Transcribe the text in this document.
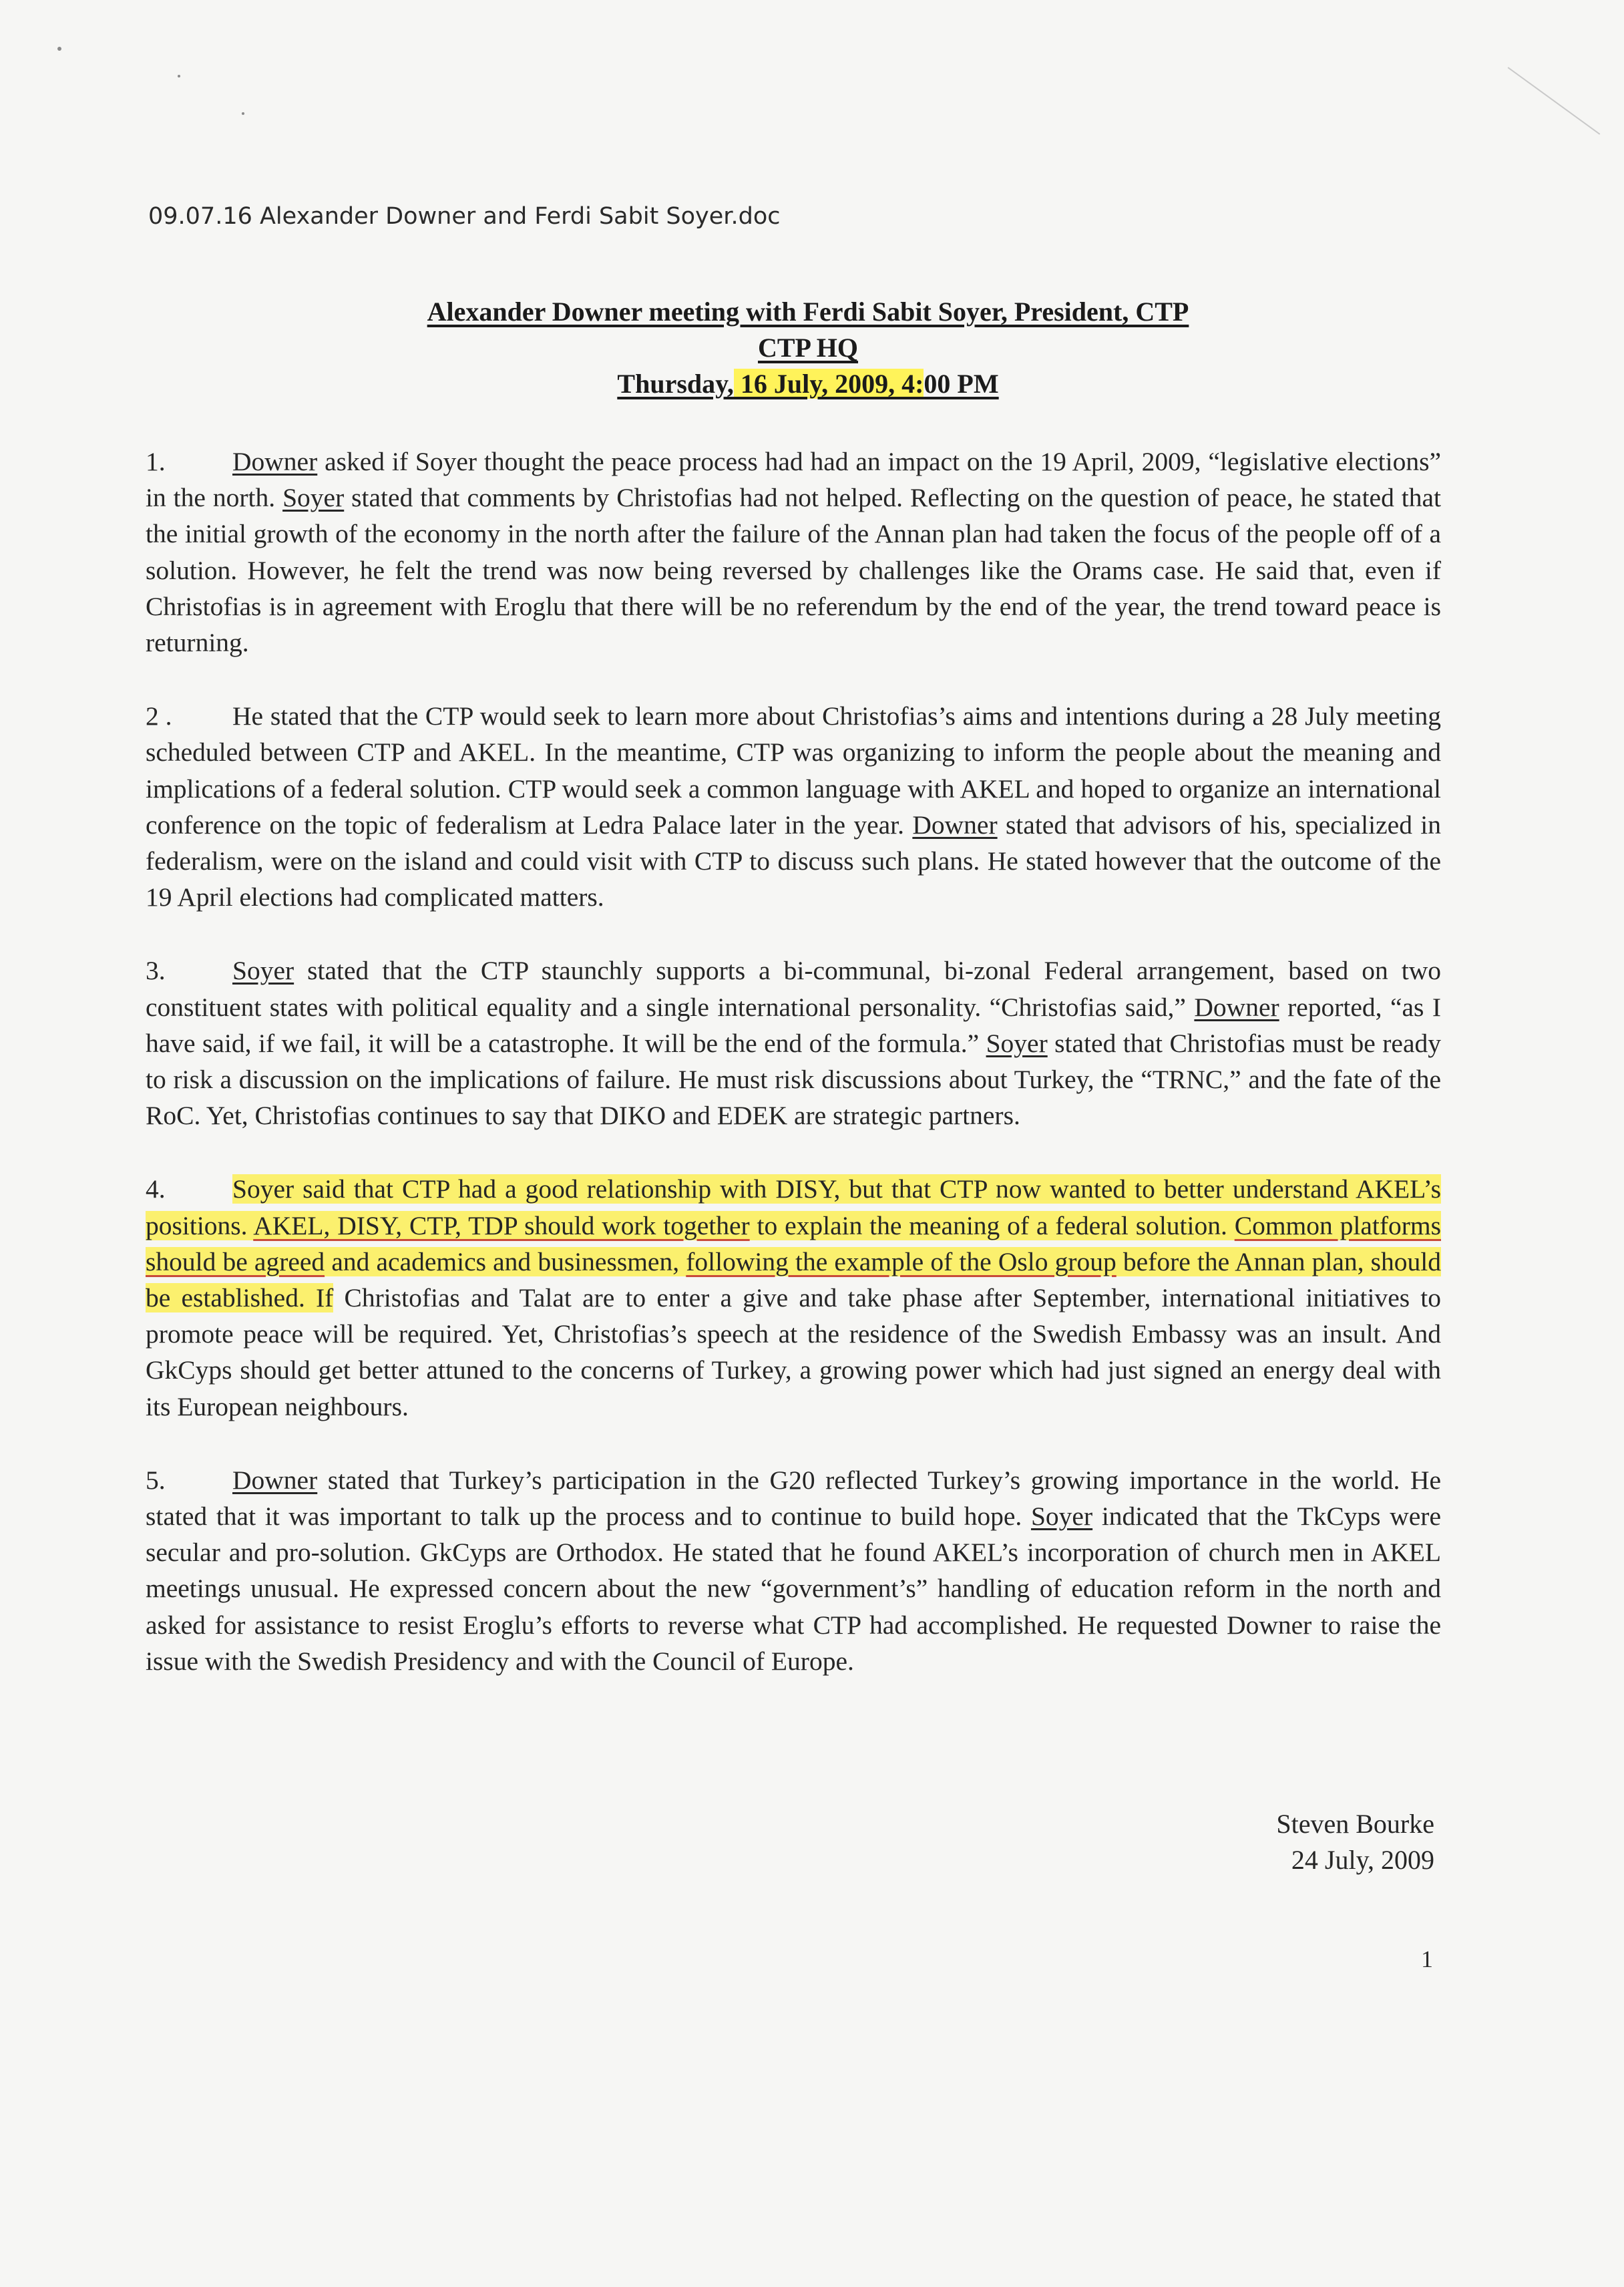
09.07.16 Alexander Downer and Ferdi Sabit Soyer.doc
Alexander Downer meeting with Ferdi Sabit Soyer, President, CTP
CTP HQ
Thursday, 16 July, 2009, 4:00 PM
1.	Downer asked if Soyer thought the peace process had had an impact on the 19 April, 2009, “legislative elections” in the north. Soyer stated that comments by Christofias had not helped. Reflecting on the question of peace, he stated that the initial growth of the economy in the north after the failure of the Annan plan had taken the focus of the people off of a solution. However, he felt the trend was now being reversed by challenges like the Orams case. He said that, even if Christofias is in agreement with Eroglu that there will be no referendum by the end of the year, the trend toward peace is returning.
2 . He stated that the CTP would seek to learn more about Christofias’s aims and intentions during a 28 July meeting scheduled between CTP and AKEL. In the meantime, CTP was organizing to inform the people about the meaning and implications of a federal solution. CTP would seek a common language with AKEL and hoped to organize an international conference on the topic of federalism at Ledra Palace later in the year. Downer stated that advisors of his, specialized in federalism, were on the island and could visit with CTP to discuss such plans. He stated however that the outcome of the 19 April elections had complicated matters.
3.	Soyer stated that the CTP staunchly supports a bi-communal, bi-zonal Federal arrangement, based on two constituent states with political equality and a single international personality. “Christofias said,” Downer reported, “as I have said, if we fail, it will be a catastrophe. It will be the end of the formula.” Soyer stated that Christofias must be ready to risk a discussion on the implications of failure. He must risk discussions about Turkey, the “TRNC,” and the fate of the RoC. Yet, Christofias continues to say that DIKO and EDEK are strategic partners.
4.	Soyer said that CTP had a good relationship with DISY, but that CTP now wanted to better understand AKEL’s positions. AKEL, DISY, CTP, TDP should work together to explain the meaning of a federal solution. Common platforms should be agreed and academics and businessmen, following the example of the Oslo group before the Annan plan, should be established. If Christofias and Talat are to enter a give and take phase after September, international initiatives to promote peace will be required. Yet, Christofias’s speech at the residence of the Swedish Embassy was an insult. And GkCyps should get better attuned to the concerns of Turkey, a growing power which had just signed an energy deal with its European neighbours.
5.	Downer stated that Turkey’s participation in the G20 reflected Turkey’s growing importance in the world. He stated that it was important to talk up the process and to continue to build hope. Soyer indicated that the TkCyps were secular and pro-solution. GkCyps are Orthodox. He stated that he found AKEL’s incorporation of church men in AKEL meetings unusual. He expressed concern about the new “government’s” handling of education reform in the north and asked for assistance to resist Eroglu’s efforts to reverse what CTP had accomplished. He requested Downer to raise the issue with the Swedish Presidency and with the Council of Europe.
Steven Bourke
24 July, 2009
1
